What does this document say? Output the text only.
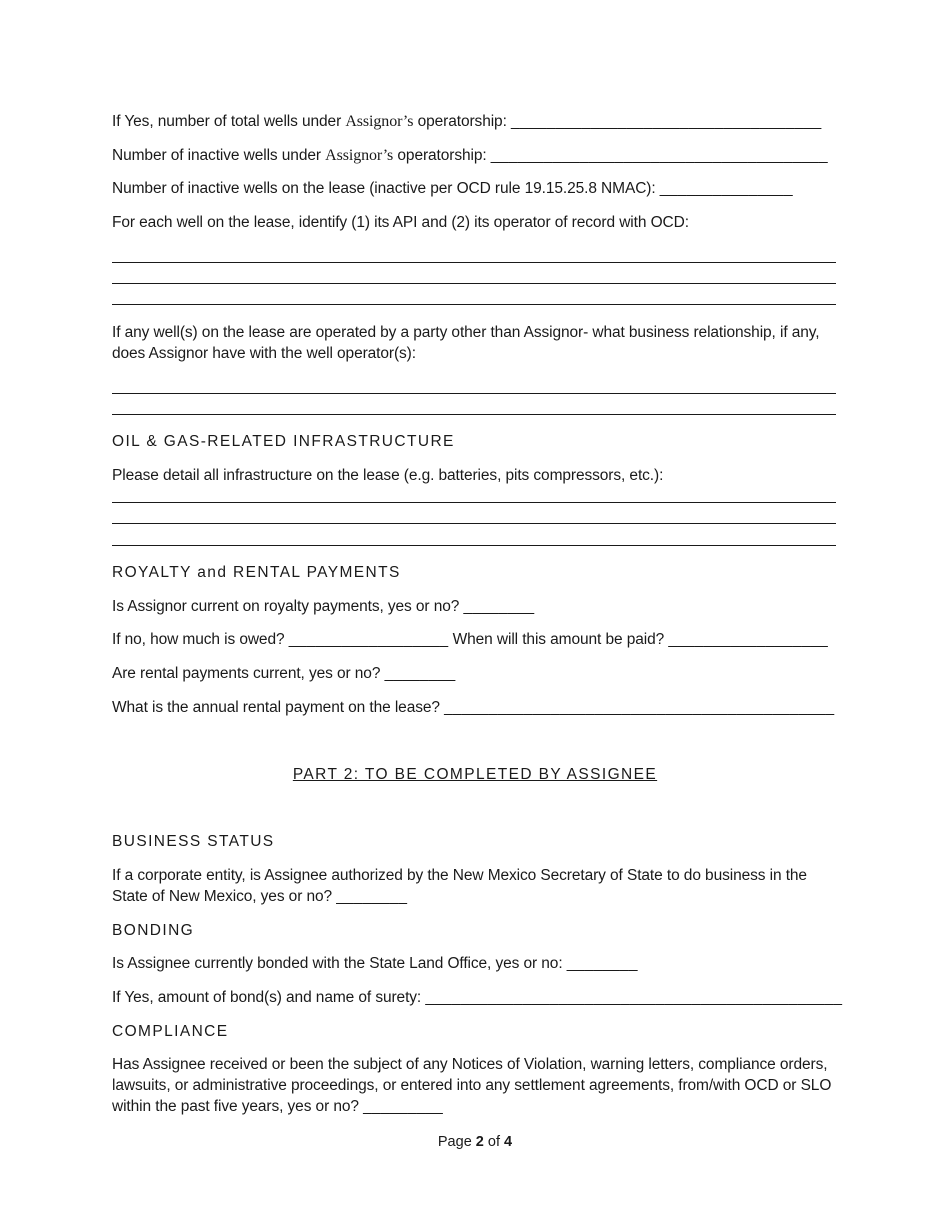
If Yes, number of total wells under Assignor’s operatorship: ___________________________________
Number of inactive wells under Assignor’s operatorship: ______________________________________
Number of inactive wells on the lease (inactive per OCD rule 19.15.25.8 NMAC): _______________
For each well on the lease, identify (1) its API and (2) its operator of record with OCD:
If any well(s) on the lease are operated by a party other than Assignor- what business relationship, if any, does Assignor have with the well operator(s):
OIL & GAS-RELATED INFRASTRUCTURE
Please detail all infrastructure on the lease (e.g. batteries, pits compressors, etc.):
ROYALTY and RENTAL PAYMENTS
Is Assignor current on royalty payments, yes or no? ________
If no, how much is owed? __________________ When will this amount be paid? __________________
Are rental payments current, yes or no? ________
What is the annual rental payment on the lease? ____________________________________________
PART 2: TO BE COMPLETED BY ASSIGNEE
BUSINESS STATUS
If a corporate entity, is Assignee authorized by the New Mexico Secretary of State to do business in the State of New Mexico, yes or no? ________
BONDING
Is Assignee currently bonded with the State Land Office, yes or no: ________
If Yes, amount of bond(s) and name of surety: _______________________________________________
COMPLIANCE
Has Assignee received or been the subject of any Notices of Violation, warning letters, compliance orders, lawsuits, or administrative proceedings, or entered into any settlement agreements, from/with OCD or SLO within the past five years, yes or no? _________
Page 2 of 4
